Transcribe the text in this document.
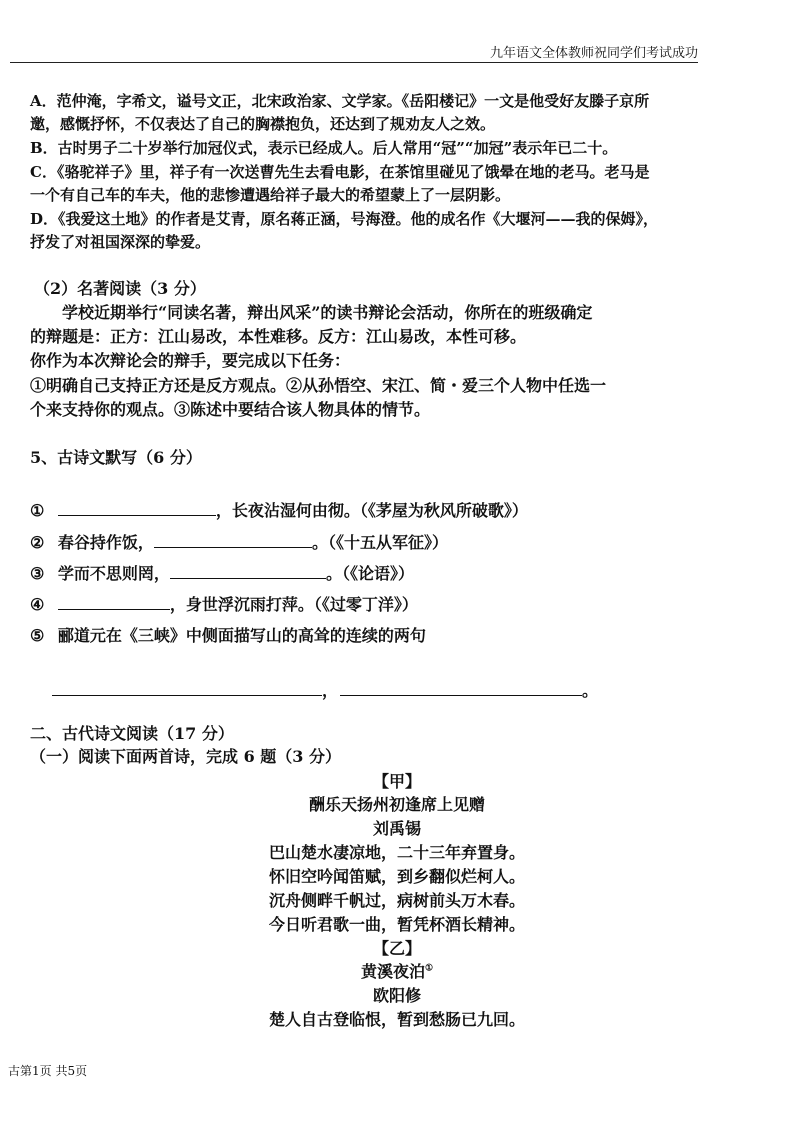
九年语文全体教师祝同学们考试成功
A．范仲淹，字希文，谥号文正，北宋政治家、文学家。《岳阳楼记》一文是他受好友滕子京所
邀，感慨抒怀，不仅表达了自己的胸襟抱负，还达到了规劝友人之效。
B．古时男子二十岁举行加冠仪式，表示已经成人。后人常用“冠”“加冠”表示年已二十。
C．《骆驼祥子》里，祥子有一次送曹先生去看电影，在茶馆里碰见了饿晕在地的老马。老马是
一个有自己车的车夫，他的悲惨遭遇给祥子最大的希望蒙上了一层阴影。
D．《我爱这土地》的作者是艾青，原名蒋正涵，号海澄。他的成名作《大堰河——我的保姆》，
抒发了对祖国深深的挚爱。
（2）名著阅读（3 分）
学校近期举行“同读名著，辩出风采”的读书辩论会活动，你所在的班级确定
的辩题是：正方：江山易改，本性难移。反方：江山易改，本性可移。
你作为本次辩论会的辩手，要完成以下任务：
①明确自己支持正方还是反方观点。②从孙悟空、宋江、简・爱三个人物中任选一
个来支持你的观点。③陈述中要结合该人物具体的情节。
5、古诗文默写（6 分）
①	，长夜沾湿何由彻。（《茅屋为秋风所破歌》）
② 春谷持作饭，	。（《十五从军征》）
③ 学而不思则罔，	。（《论语》）
④	，身世浮沉雨打萍。（《过零丁洋》）
⑤ 郦道元在《三峡》中侧面描写山的高耸的连续的两句
，	。
二、古代诗文阅读（17 分）
（一）阅读下面两首诗，完成 6 题（3 分）
【甲】
酬乐天扬州初逢席上见赠
刘禹锡
巴山楚水凄凉地，二十三年弃置身。
怀旧空吟闻笛赋，到乡翻似烂柯人。
沉舟侧畔千帆过，病树前头万木春。
今日听君歌一曲，暂凭杯酒长精神。
【乙】
黄溪夜泊①
欧阳修
楚人自古登临恨，暂到愁肠已九回。
古第1页 共5页
